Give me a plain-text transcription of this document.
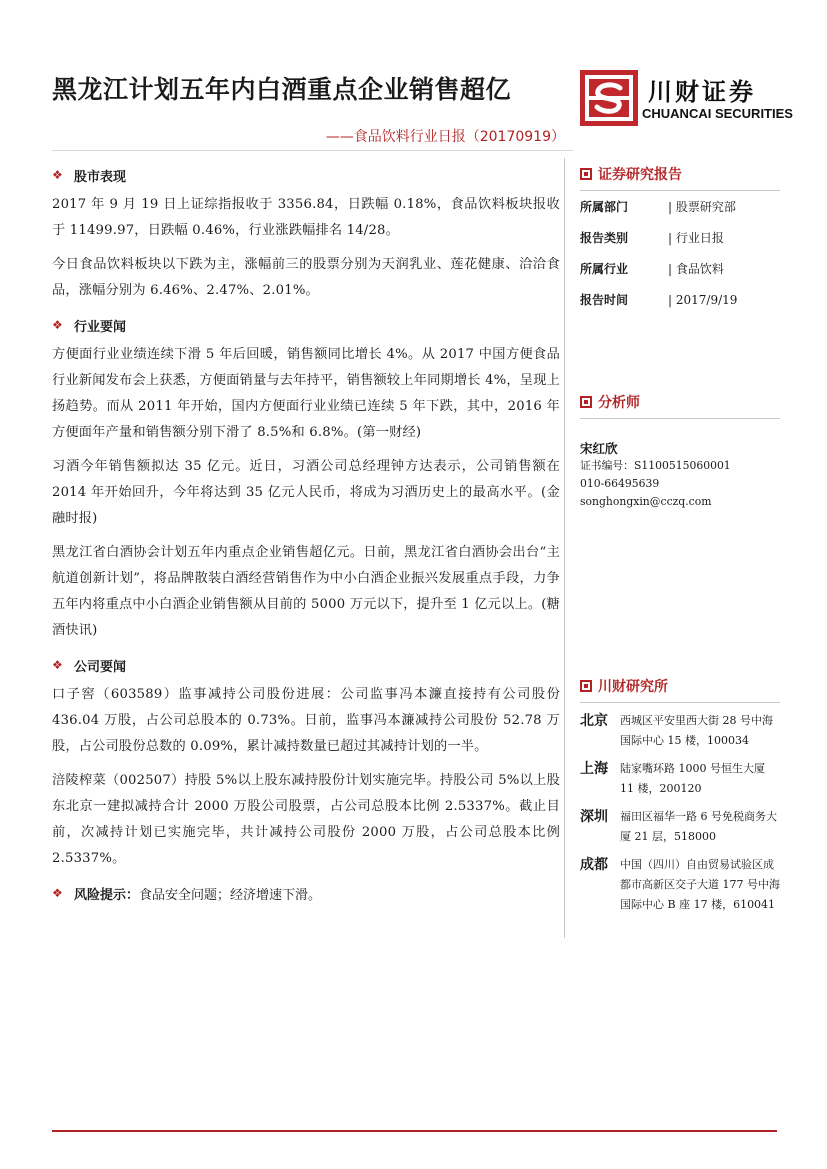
黑龙江计划五年内白酒重点企业销售超亿	川财证券
CHUANCAI SECURITIES
——食品饮料行业日报（20170919）
❖ 股市表现

2017 年 9 月 19 日上证综指报收于 3356.84，日跌幅 0.18%，食品饮料板块报收于 11499.97，日跌幅 0.46%，行业涨跌幅排名 14/28。

今日食品饮料板块以下跌为主，涨幅前三的股票分别为天润乳业、莲花健康、洽洽食品，涨幅分别为 6.46%、2.47%、2.01%。

❖ 行业要闻

方便面行业业绩连续下滑 5 年后回暖，销售额同比增长 4%。从 2017 中国方便食品行业新闻发布会上获悉，方便面销量与去年持平，销售额较上年同期增长 4%，呈现上扬趋势。而从 2011 年开始，国内方便面行业业绩已连续 5 年下跌，其中，2016 年方便面年产量和销售额分别下滑了 8.5%和 6.8%。(第一财经)

习酒今年销售额拟达 35 亿元。近日，习酒公司总经理钟方达表示，公司销售额在 2014 年开始回升，今年将达到 35 亿元人民币，将成为习酒历史上的最高水平。(金融时报)

黑龙江省白酒协会计划五年内重点企业销售超亿元。日前，黑龙江省白酒协会出台“主航道创新计划”，将品牌散装白酒经营销售作为中小白酒企业振兴发展重点手段，力争五年内将重点中小白酒企业销售额从目前的 5000 万元以下，提升至 1 亿元以上。(糖酒快讯)

❖ 公司要闻

口子窖（603589）监事减持公司股份进展：公司监事冯本濂直接持有公司股份436.04 万股，占公司总股本的 0.73%。日前，监事冯本濂减持公司股份 52.78 万股，占公司股份总数的 0.09%，累计减持数量已超过其减持计划的一半。

涪陵榨菜（002507）持股 5%以上股东减持股份计划实施完毕。持股公司 5%以上股东北京一建拟减持合计 2000 万股公司股票，占公司总股本比例 2.5337%。截止目前，次减持计划已实施完毕，共计减持公司股份 2000 万股，占公司总股本比例 2.5337%。

❖ 风险提示： 食品安全问题；经济增速下滑。
证券研究报告
所属部门	| 股票研究部
报告类别	| 行业日报
所属行业	| 食品饮料
报告时间	| 2017/9/19
分析师
宋红欣
证书编号：S1100515060001
010-66495639
songhongxin@cczq.com
川财研究所
北京	西城区平安里西大街 28 号中海国际中心 15 楼，100034
上海	陆家嘴环路 1000 号恒生大厦 11 楼，200120
深圳	福田区福华一路 6 号免税商务大厦 21 层，518000
成都	中国（四川）自由贸易试验区成都市高新区交子大道 177 号中海国际中心 B 座 17 楼，610041
